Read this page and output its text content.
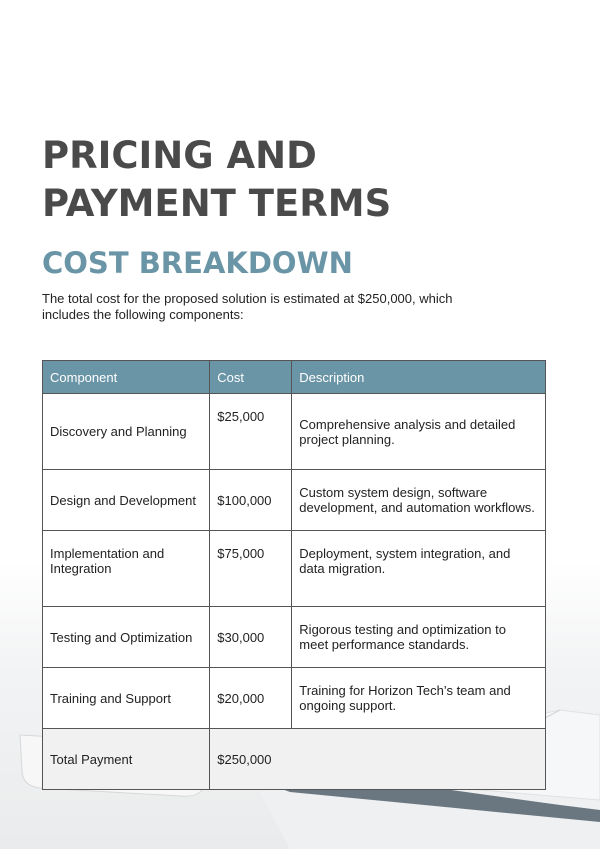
PRICING AND PAYMENT TERMS
COST BREAKDOWN

The total cost for the proposed solution is estimated at $250,000, which includes the following components:

Component	Cost	Description
Discovery and Planning	$25,000	Comprehensive analysis and detailed project planning.
Design and Development	$100,000	Custom system design, software development, and automation workflows.
Implementation and Integration	$75,000	Deployment, system integration, and data migration.
Testing and Optimization	$30,000	Rigorous testing and optimization to meet performance standards.
Training and Support	$20,000	Training for Horizon Tech’s team and ongoing support.
Total Payment	$250,000	
